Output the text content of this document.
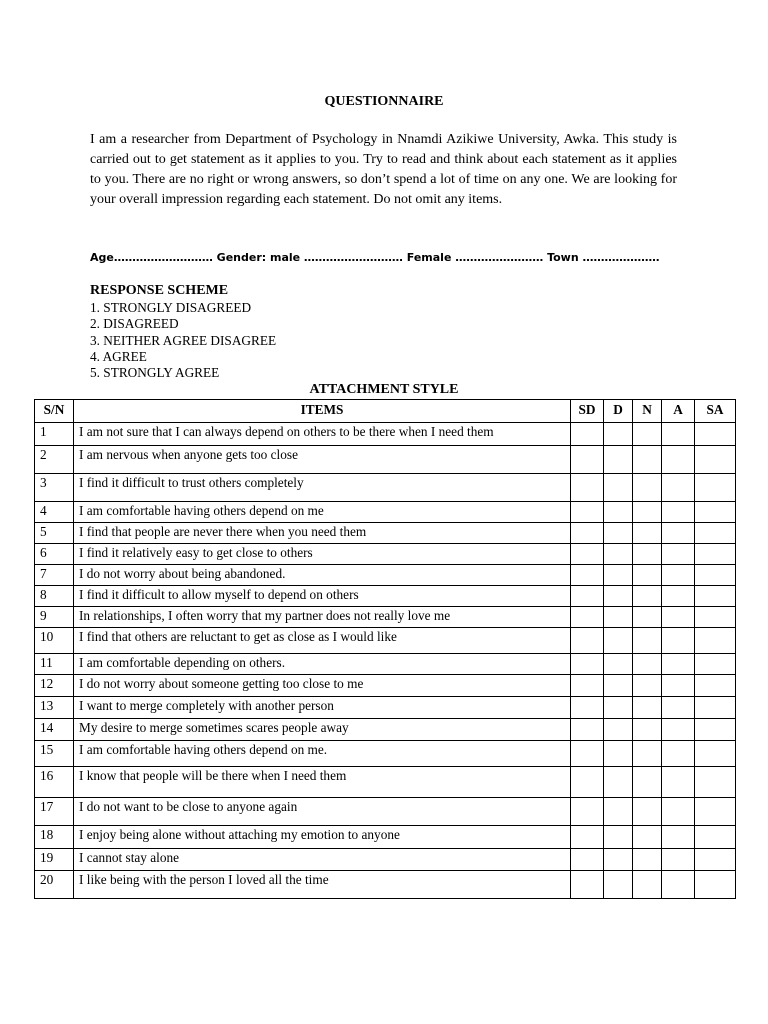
QUESTIONNAIRE

I am a researcher from Department of Psychology in Nnamdi Azikiwe University, Awka. This study is carried out to get statement as it applies to you. Try to read and think about each statement as it applies to you. There are no right or wrong answers, so don’t spend a lot of time on any one. We are looking for your overall impression regarding each statement. Do not omit any items.

Age……………………… Gender: male ……………………… Female …………………… Town …………………
RESPONSE SCHEME
1. STRONGLY DISAGREED
2. DISAGREED
3. NEITHER AGREE DISAGREE
4. AGREE
5. STRONGLY AGREE
ATTACHMENT STYLE
S/N	ITEMS	SD	D	N	A	SA
1	I am not sure that I can always depend on others to be there when I need them					
2	I am nervous when anyone gets too close					
3	I find it difficult to trust others completely					
4	I am comfortable having others depend on me					
5	I find that people are never there when you need them					
6	I find it relatively easy to get close to others					
7	I do not worry about being abandoned.					
8	I find it difficult to allow myself to depend on others					
9	In relationships, I often worry that my partner does not really love me					
10	I find that others are reluctant to get as close as I would like					
11	I am comfortable depending on others.					
12	I do not worry about someone getting too close to me					
13	I want to merge completely with another person					
14	My desire to merge sometimes scares people away					
15	I am comfortable having others depend on me.					
16	I know that people will be there when I need them					
17	I do not want to be close to anyone again					
18	I enjoy being alone without attaching my emotion to anyone					
19	I cannot stay alone					
20	I like being with the person I loved all the time					
